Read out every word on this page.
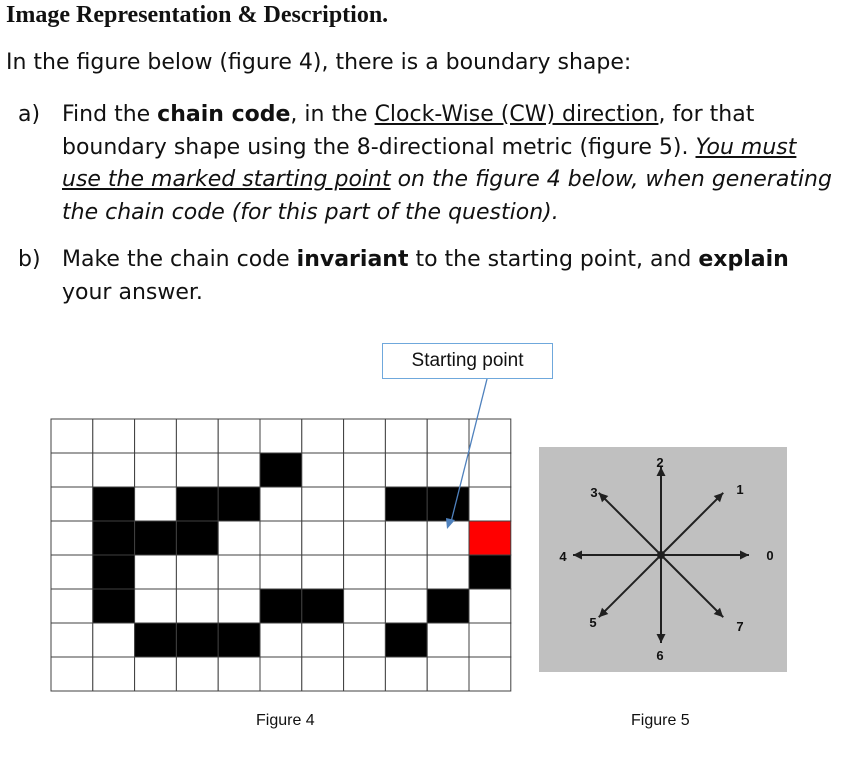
Image Representation & Description.
In the figure below (figure 4), there is a boundary shape:
a) Find the chain code, in the Clock-Wise (CW) direction, for that boundary shape using the 8-directional metric (figure 5). You must use the marked starting point on the figure 4 below, when generating the chain code (for this part of the question).
b) Make the chain code invariant to the starting point, and explain your answer.
0
1
2
3
4
5
6
7
Starting point
Figure 4	Figure 5
